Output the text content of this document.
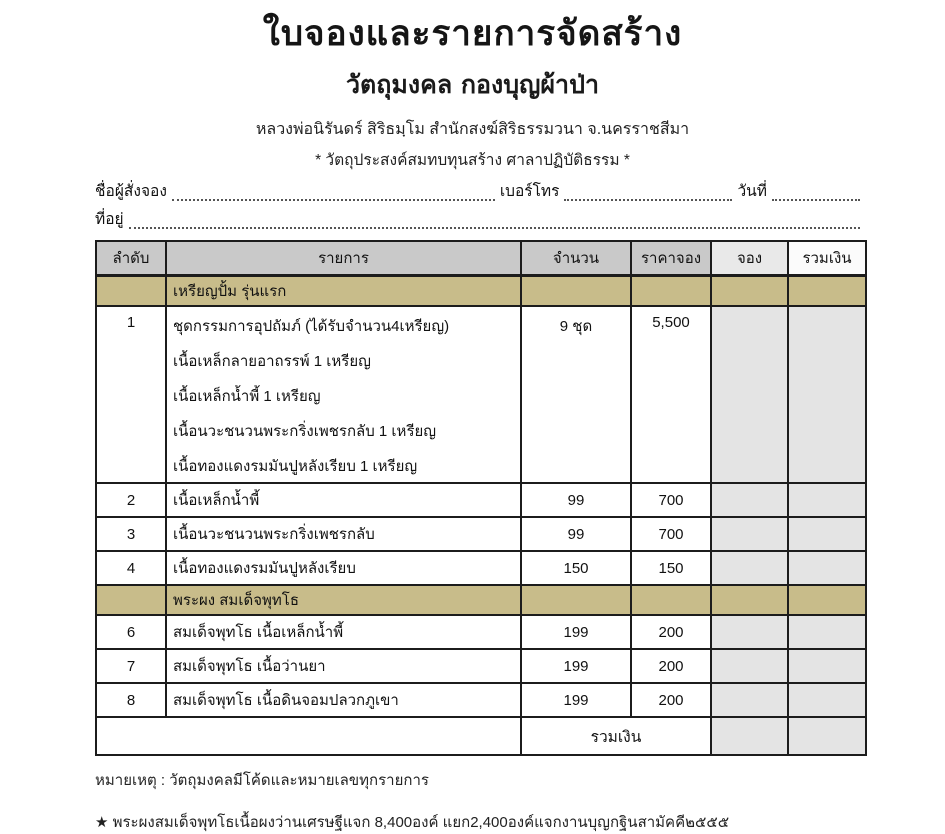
ใบจองและรายการจัดสร้าง
วัตถุมงคล กองบุญผ้าป่า
หลวงพ่อนิรันดร์ สิริธมฺโม สำนักสงฆ์สิริธรรมวนา จ.นครราชสีมา
* วัตถุประสงค์สมทบทุนสร้าง ศาลาปฏิบัติธรรม *
ชื่อผู้สั่งจอง	เบอร์โทร	วันที่
ที่อยู่
ลำดับ	รายการ	จำนวน	ราคาจอง	จอง	รวมเงิน
	เหรียญปั้ม รุ่นแรก				
1	ชุดกรรมการอุปถัมภ์ (ได้รับจำนวน4เหรียญ)
เนื้อเหล็กลายอาถรรพ์ 1 เหรียญ
เนื้อเหล็กน้ำพี้ 1 เหรียญ
เนื้อนวะชนวนพระกริ่งเพชรกลับ 1 เหรียญ
เนื้อทองแดงรมมันปูหลังเรียบ 1 เหรียญ	9 ชุด	5,500		
2	เนื้อเหล็กน้ำพี้	99	700		
3	เนื้อนวะชนวนพระกริ่งเพชรกลับ	99	700		
4	เนื้อทองแดงรมมันปูหลังเรียบ	150	150		
	พระผง สมเด็จพุทโธ				
6	สมเด็จพุทโธ เนื้อเหล็กน้ำพี้	199	200		
7	สมเด็จพุทโธ เนื้อว่านยา	199	200		
8	สมเด็จพุทโธ เนื้อดินจอมปลวกภูเขา	199	200		
		รวมเงิน			
หมายเหตุ : วัตถุมงคลมีโค้ดและหมายเลขทุกรายการ
★ พระผงสมเด็จพุทโธเนื้อผงว่านเศรษฐีแจก 8,400องค์ แยก2,400องค์แจกงานบุญกฐินสามัคคี๒๕๕๕
